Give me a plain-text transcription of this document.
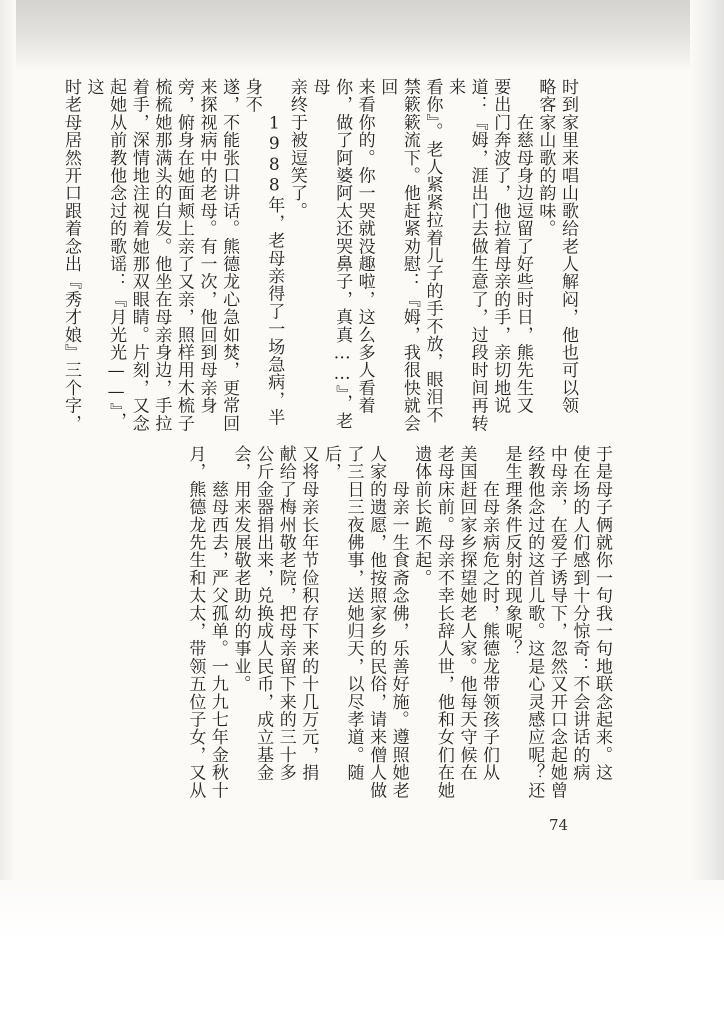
时到家里来唱山歌给老人解闷，他也可以领

略客家山歌的韵味。

　　在慈母身边逗留了好些时日，熊先生又

要出门奔波了，他拉着母亲的手，亲切地说

道：『姆，涯出门去做生意了，过段时间再转来

看你』。老人紧紧拉着儿子的手不放，眼泪不

禁簌簌流下。他赶紧劝慰：『姆，我很快就会回

来看你的。你一哭就没趣啦，这么多人看着

你，做了阿婆阿太还哭鼻子，真真……』，老母

亲终于被逗笑了。

　　1988年，老母亲得了一场急病，半身不

遂，不能张口讲话。熊德龙心急如焚，更常回

来探视病中的老母。有一次，他回到母亲身

旁，俯身在她面颊上亲了又亲，照样用木梳子

梳梳她那满头的白发。他坐在母亲身边，手拉

着手，深情地注视着她那双眼睛。片刻，又念

起她从前教他念过的歌谣：『月光光——』，这

时老母居然开口跟着念出『秀才娘』三个字，

于是母子俩就你一句我一句地联念起来。这

使在场的人们感到十分惊奇：不会讲话的病

中母亲，在爱子诱导下，忽然又开口念起她曾

经教他念过的这首儿歌。这是心灵感应呢？还

是生理条件反射的现象呢？

　　在母亲病危之时，熊德龙带领孩子们从

美国赶回家乡探望她老人家。他每天守候在

老母床前。母亲不幸长辞人世，他和女们在她

遗体前长跪不起。

　　母亲一生食斋念佛，乐善好施。遵照她老

人家的遗愿，他按照家乡的民俗，请来僧人做

了三日三夜佛事，送她归天，以尽孝道。随后，

又将母亲长年节俭积存下来的十几万元，捐

献给了梅州敬老院，把母亲留下来的三十多

公斤金器捐出来，兑换成人民币，成立基金

会，用来发展敬老助幼的事业。

　　慈母西去，严父孤单。一九九七年金秋十

月，熊德龙先生和太太，带领五位子女，又从

74
